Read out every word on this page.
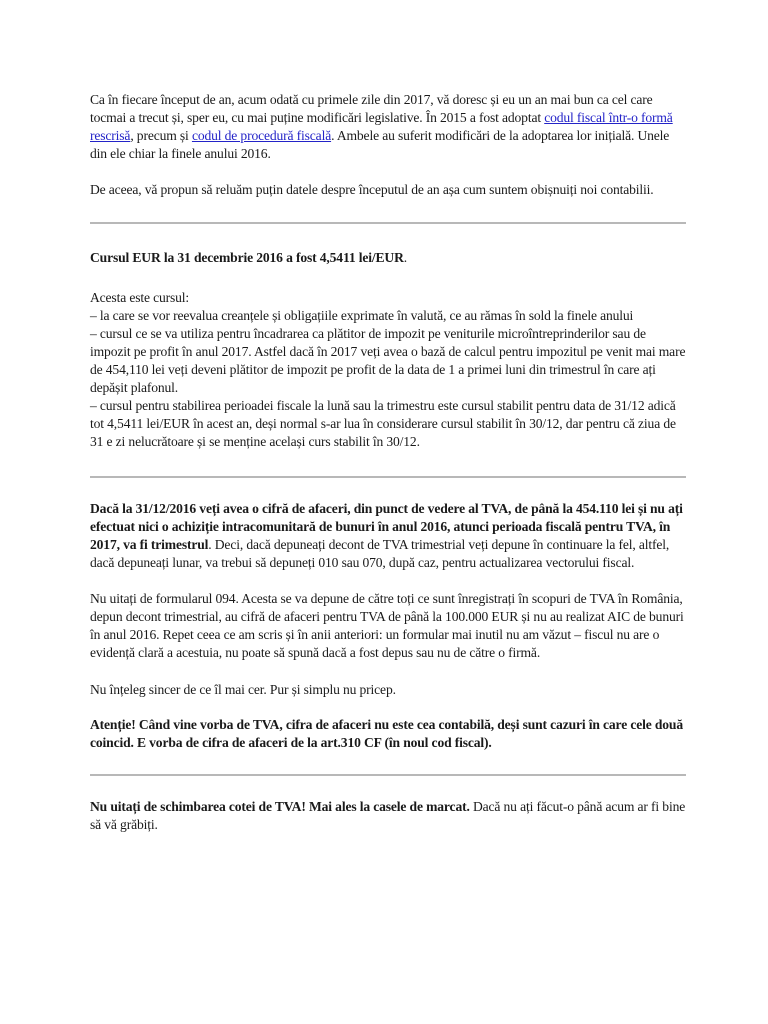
Ca în fiecare început de an, acum odată cu primele zile din 2017, vă doresc și eu un an mai bun ca cel care tocmai a trecut și, sper eu, cu mai puține modificări legislative. În 2015 a fost adoptat codul fiscal într-o formă rescrisă, precum și codul de procedură fiscală. Ambele au suferit modificări de la adoptarea lor inițială. Unele din ele chiar la finele anului 2016.

De aceea, vă propun să reluăm puțin datele despre începutul de an așa cum suntem obișnuiți noi contabilii.

Cursul EUR la 31 decembrie 2016 a fost 4,5411 lei/EUR.

Acesta este cursul:

– la care se vor reevalua creanțele și obligațiile exprimate în valută, ce au rămas în sold la finele anului

– cursul ce se va utiliza pentru încadrarea ca plătitor de impozit pe veniturile microîntreprinderilor sau de impozit pe profit în anul 2017. Astfel dacă în 2017 veți avea o bază de calcul pentru impozitul pe venit mai mare de 454,110 lei veți deveni plătitor de impozit pe profit de la data de 1 a primei luni din trimestrul în care ați depășit plafonul.

– cursul pentru stabilirea perioadei fiscale la lună sau la trimestru este cursul stabilit pentru data de 31/12 adică tot 4,5411 lei/EUR în acest an, deși normal s-ar lua în considerare cursul stabilit în 30/12, dar pentru că ziua de 31 e zi nelucrătoare și se menține același curs stabilit în 30/12.

Dacă la 31/12/2016 veți avea o cifră de afaceri, din punct de vedere al TVA, de până la 454.110 lei și nu ați efectuat nici o achiziție intracomunitară de bunuri în anul 2016, atunci perioada fiscală pentru TVA, în 2017, va fi trimestrul. Deci, dacă depuneați decont de TVA trimestrial veți depune în continuare la fel, altfel, dacă depuneați lunar, va trebui să depuneți 010 sau 070, după caz, pentru actualizarea vectorului fiscal.

Nu uitați de formularul 094. Acesta se va depune de către toți ce sunt înregistrați în scopuri de TVA în România, depun decont trimestrial, au cifră de afaceri pentru TVA de până la 100.000 EUR și nu au realizat AIC de bunuri în anul 2016. Repet ceea ce am scris și în anii anteriori: un formular mai inutil nu am văzut – fiscul nu are o evidență clară a acestuia, nu poate să spună dacă a fost depus sau nu de către o firmă.

Nu înțeleg sincer de ce îl mai cer. Pur și simplu nu pricep.

Atenție! Când vine vorba de TVA, cifra de afaceri nu este cea contabilă, deși sunt cazuri în care cele două coincid. E vorba de cifra de afaceri de la art.310 CF (în noul cod fiscal).

Nu uitați de schimbarea cotei de TVA! Mai ales la casele de marcat. Dacă nu ați făcut-o până acum ar fi bine să vă grăbiți.
